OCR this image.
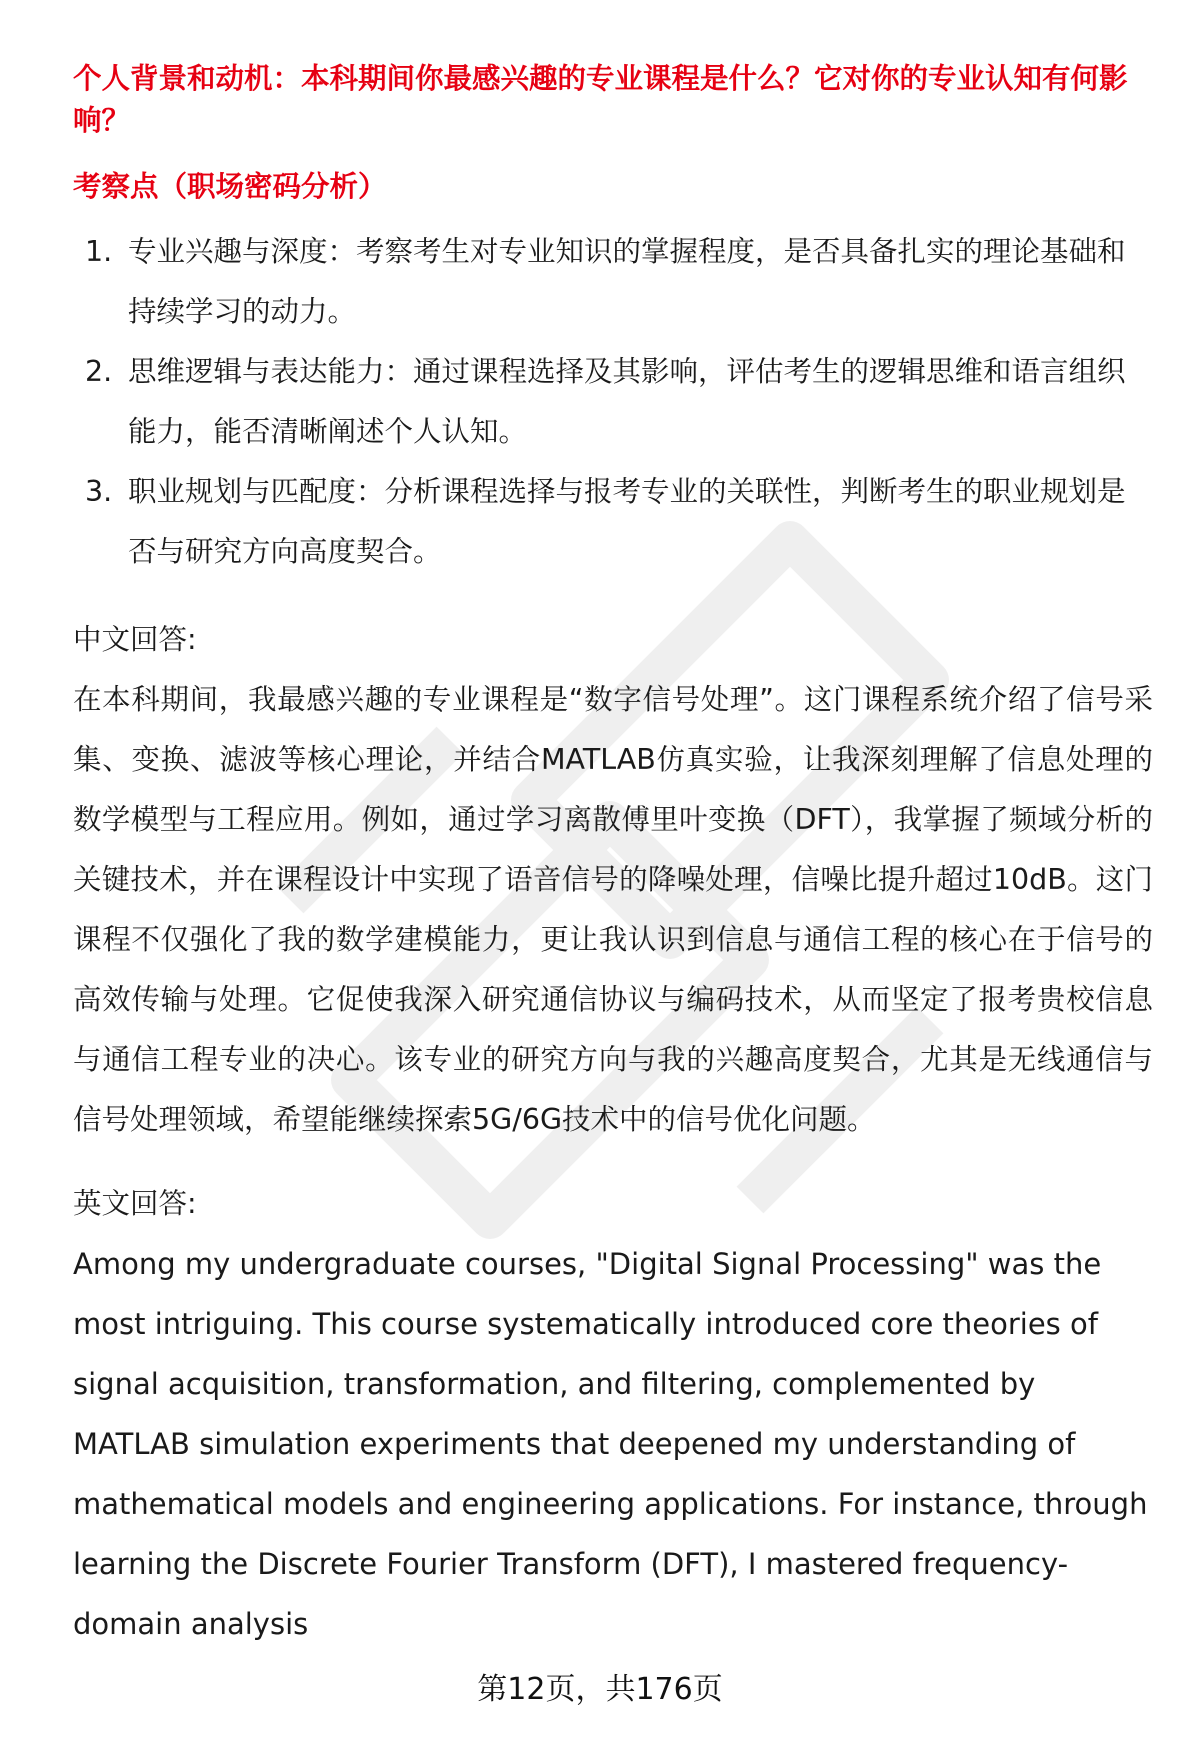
个人背景和动机：本科期间你最感兴趣的专业课程是什么？它对你的专业认知有何影响？
考察点（职场密码分析）
1. 专业兴趣与深度：考察考生对专业知识的掌握程度，是否具备扎实的理论基础和持续学习的动力。
2. 思维逻辑与表达能力：通过课程选择及其影响，评估考生的逻辑思维和语言组织能力，能否清晰阐述个人认知。
3. 职业规划与匹配度：分析课程选择与报考专业的关联性，判断考生的职业规划是否与研究方向高度契合。

中文回答:

在本科期间，我最感兴趣的专业课程是“数字信号处理”。这门课程系统介绍了信号采集、变换、滤波等核心理论，并结合MATLAB仿真实验，让我深刻理解了信息处理的数学模型与工程应用。例如，通过学习离散傅里叶变换（DFT），我掌握了频域分析的关键技术，并在课程设计中实现了语音信号的降噪处理，信噪比提升超过10dB。这门课程不仅强化了我的数学建模能力，更让我认识到信息与通信工程的核心在于信号的高效传输与处理。它促使我深入研究通信协议与编码技术，从而坚定了报考贵校信息与通信工程专业的决心。该专业的研究方向与我的兴趣高度契合，尤其是无线通信与信号处理领域，希望能继续探索5G/6G技术中的信号优化问题。

英文回答:

Among my undergraduate courses, "Digital Signal Processing" was the most intriguing. This course systematically introduced core theories of signal acquisition, transformation, and filtering, complemented by MATLAB simulation experiments that deepened my understanding of mathematical models and engineering applications. For instance, through learning the Discrete Fourier Transform (DFT), I mastered frequency-domain analysis

第12页，共176页
